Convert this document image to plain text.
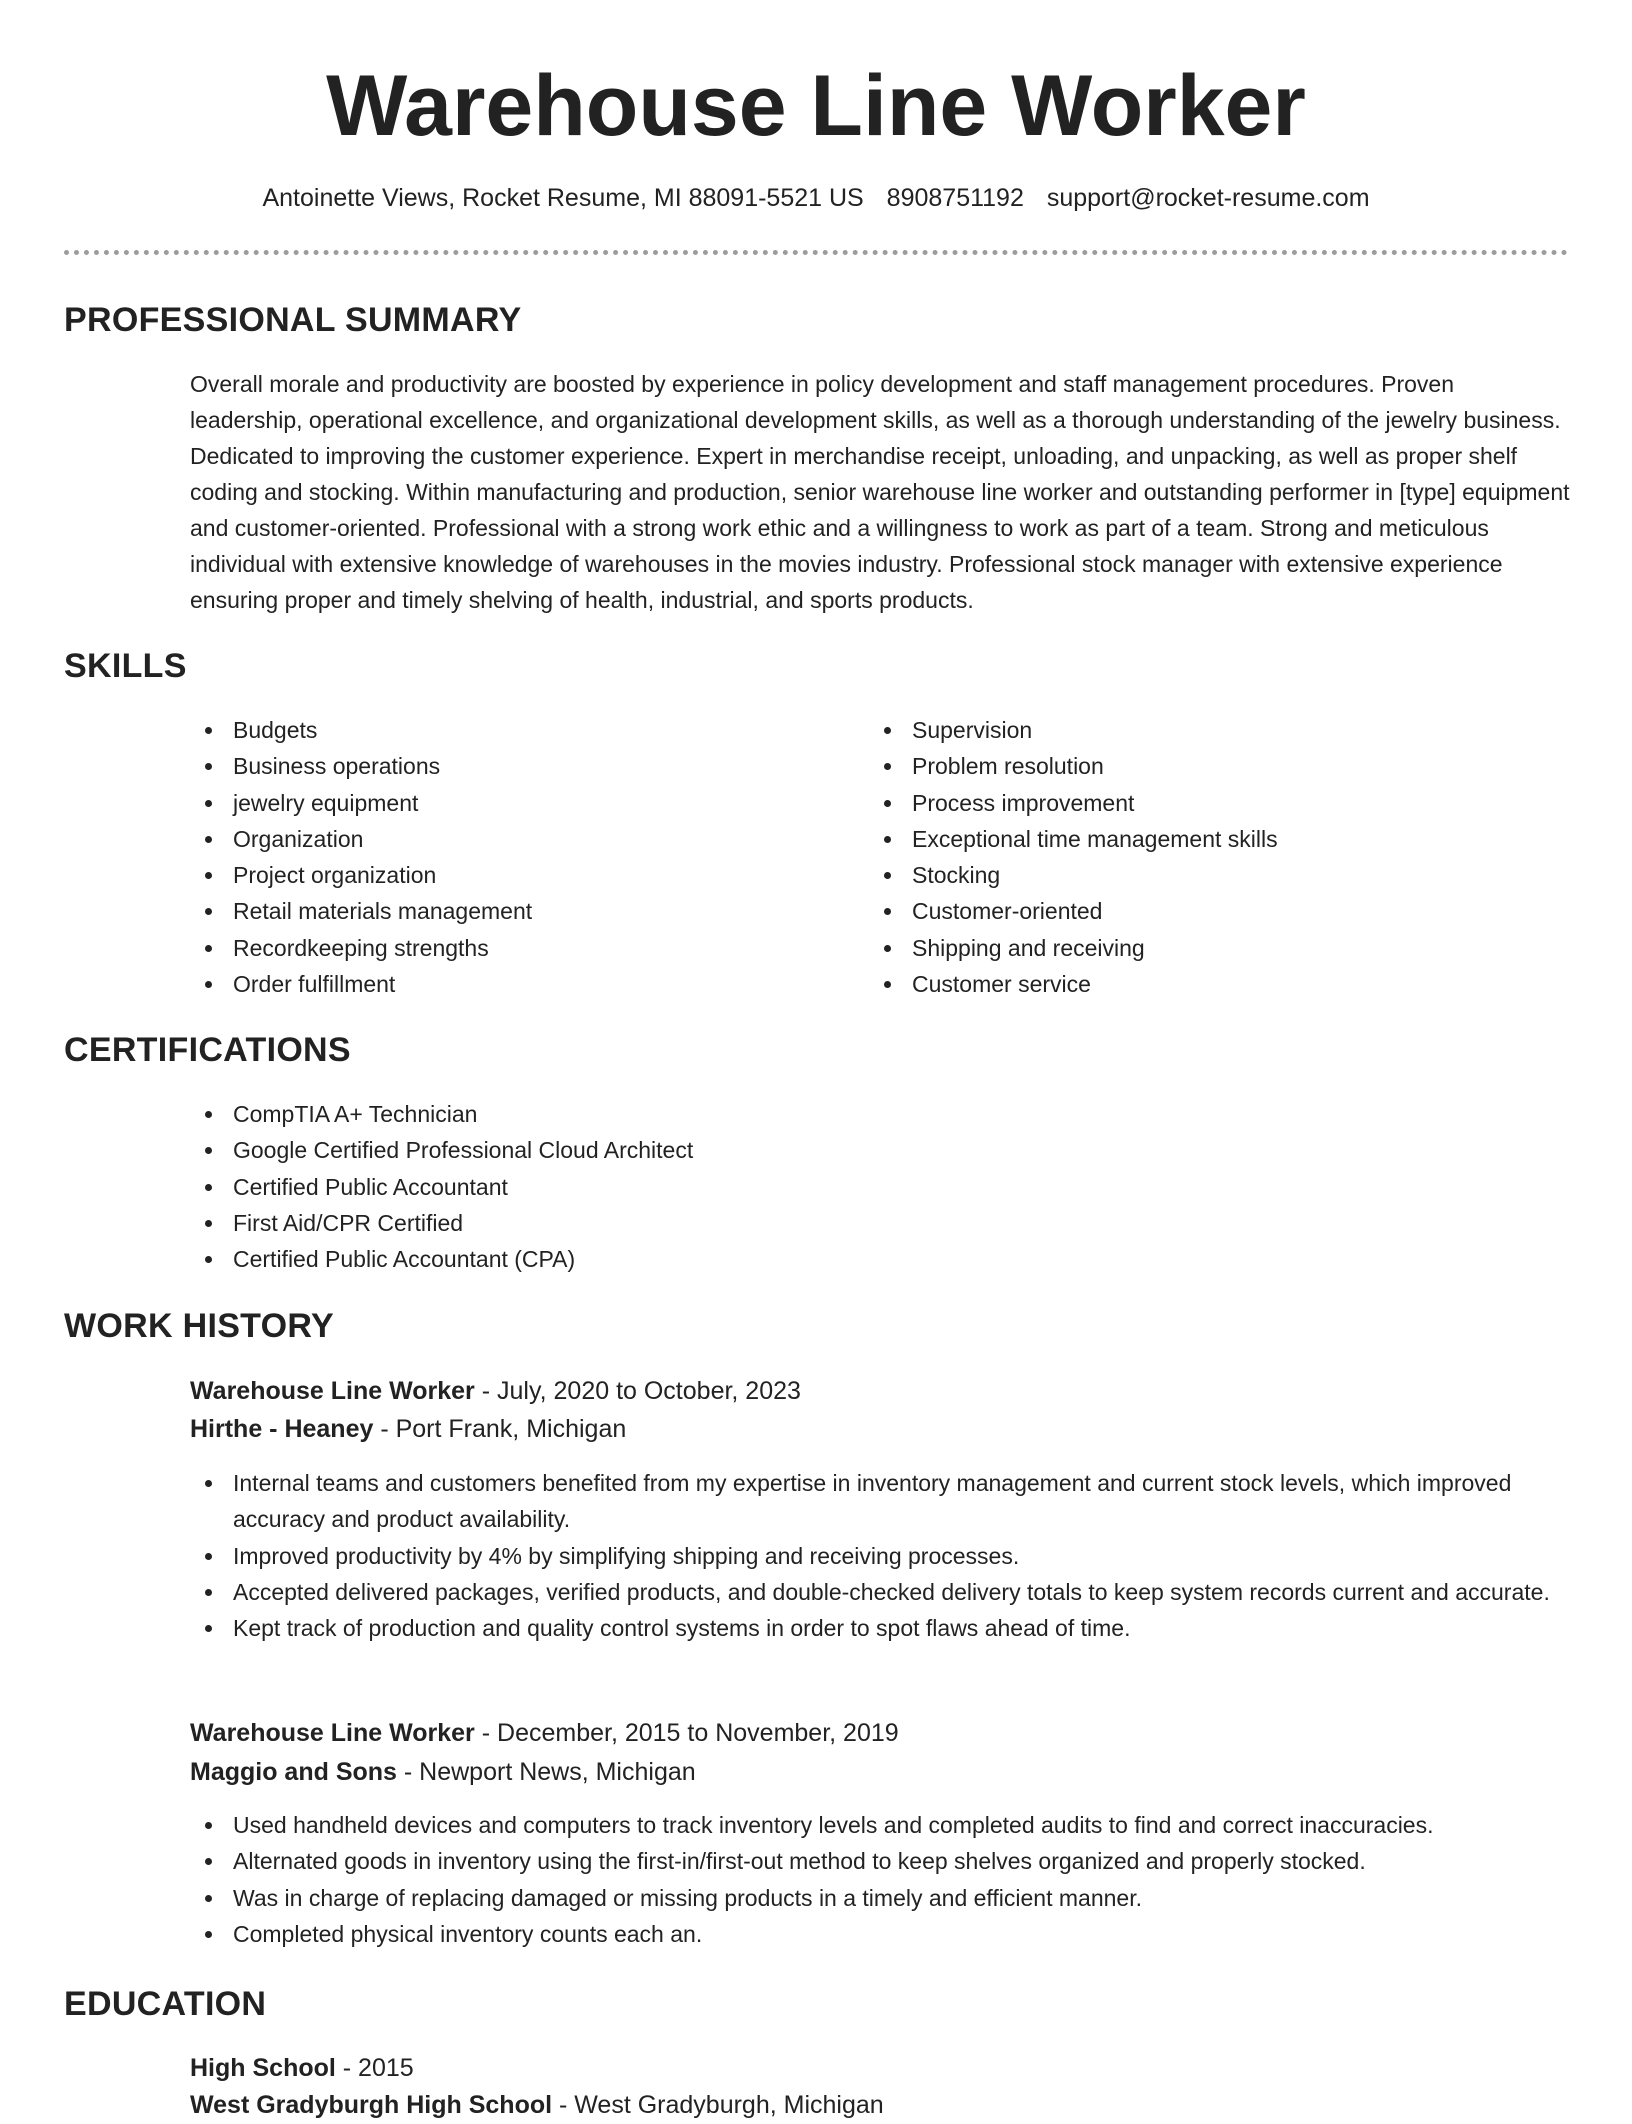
Warehouse Line Worker
Antoinette Views, Rocket Resume, MI 88091-5521 US 8908751192 support@rocket-resume.com
PROFESSIONAL SUMMARY

Overall morale and productivity are boosted by experience in policy development and staff management procedures. Proven leadership, operational excellence, and organizational development skills, as well as a thorough understanding of the jewelry business. Dedicated to improving the customer experience. Expert in merchandise receipt, unloading, and unpacking, as well as proper shelf coding and stocking. Within manufacturing and production, senior warehouse line worker and outstanding performer in [type] equipment and customer-oriented. Professional with a strong work ethic and a willingness to work as part of a team. Strong and meticulous individual with extensive knowledge of warehouses in the movies industry. Professional stock manager with extensive experience ensuring proper and timely shelving of health, industrial, and sports products.

SKILLS
Budgets
Business operations
jewelry equipment
Organization
Project organization
Retail materials management
Recordkeeping strengths
Order fulfillment
Supervision
Problem resolution
Process improvement
Exceptional time management skills
Stocking
Customer-oriented
Shipping and receiving
Customer service
CERTIFICATIONS
CompTIA A+ Technician
Google Certified Professional Cloud Architect
Certified Public Accountant
First Aid/CPR Certified
Certified Public Accountant (CPA)
WORK HISTORY
Warehouse Line Worker - July, 2020 to October, 2023
Hirthe - Heaney - Port Frank, Michigan
Internal teams and customers benefited from my expertise in inventory management and current stock levels, which improved accuracy and product availability.
Improved productivity by 4% by simplifying shipping and receiving processes.
Accepted delivered packages, verified products, and double-checked delivery totals to keep system records current and accurate.
Kept track of production and quality control systems in order to spot flaws ahead of time.
Warehouse Line Worker - December, 2015 to November, 2019
Maggio and Sons - Newport News, Michigan
Used handheld devices and computers to track inventory levels and completed audits to find and correct inaccuracies.
Alternated goods in inventory using the first-in/first-out method to keep shelves organized and properly stocked.
Was in charge of replacing damaged or missing products in a timely and efficient manner.
Completed physical inventory counts each an.
EDUCATION
High School - 2015
West Gradyburgh High School - West Gradyburgh, Michigan
